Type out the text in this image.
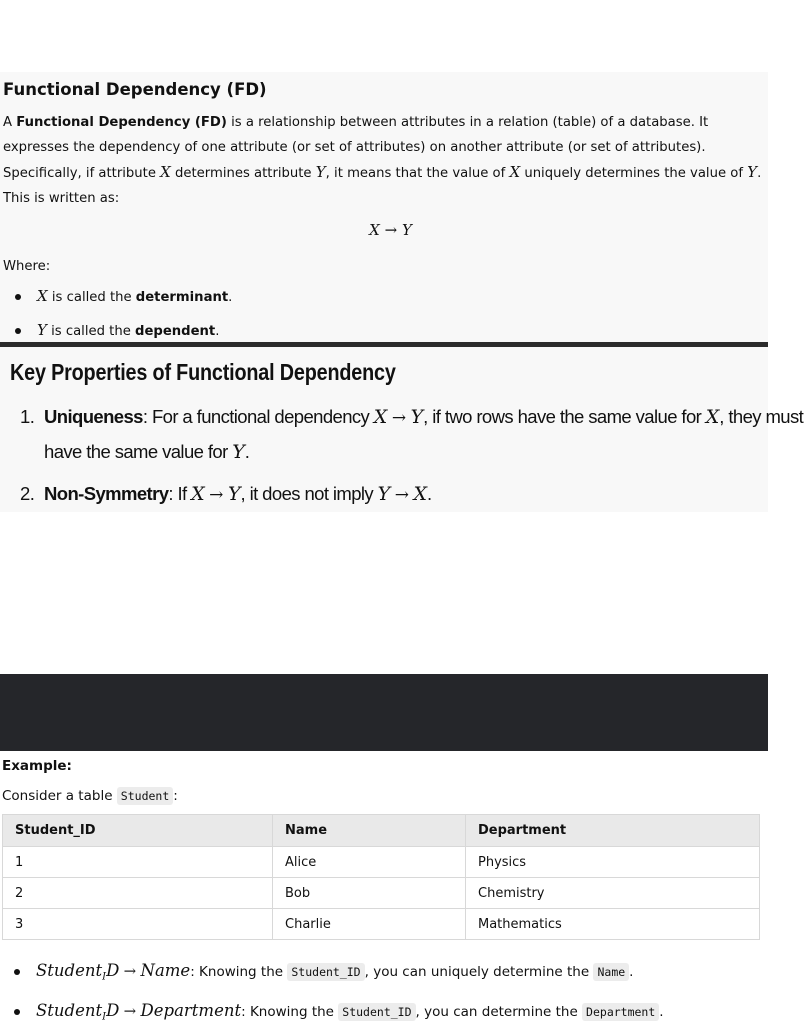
Functional Dependency (FD)

A Functional Dependency (FD) is a relationship between attributes in a relation (table) of a database. It expresses the dependency of one attribute (or set of attributes) on another attribute (or set of attributes). Specifically, if attribute X determines attribute Y, it means that the value of X uniquely determines the value of Y. This is written as:

X → Y
Where:
X is called the determinant.
Y is called the dependent.
Key Properties of Functional Dependency
1. Uniqueness: For a functional dependency X → Y, if two rows have the same value for X, they must have the same value for Y.
2. Non-Symmetry: If X → Y, it does not imply Y → X.
Example:
Consider a table Student :
Student_ID	Name	Department
1	Alice	Physics
2	Bob	Chemistry
3	Charlie	Mathematics
Student$_I$D → Name: Knowing the Student_ID , you can uniquely determine the Name .
Student$_I$D → Department: Knowing the Student_ID , you can determine the Department .
